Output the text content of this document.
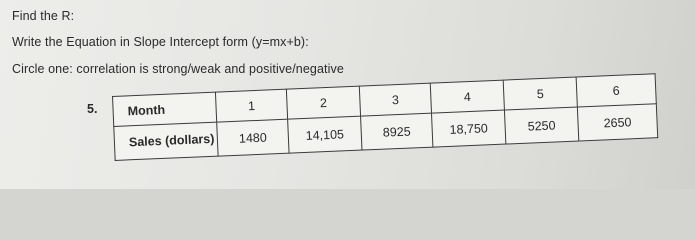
Find the R:
Write the Equation in Slope Intercept form (y=mx+b):
Circle one: correlation is strong/weak and positive/negative
5. Month	1	2	3	4	5	6
Sales (dollars)	1480	14,105	8925	18,750	5250	2650
